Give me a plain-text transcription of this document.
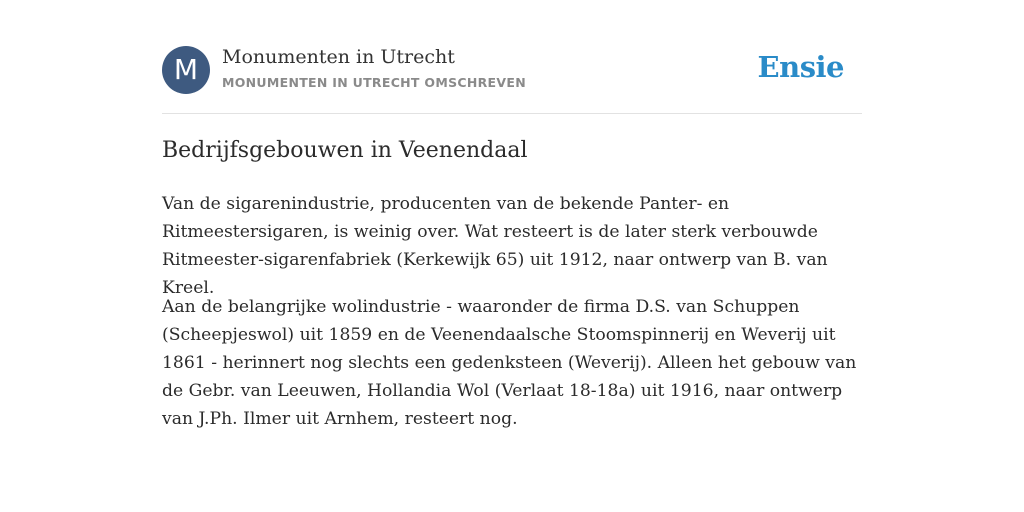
M	Monumenten in Utrecht
MONUMENTEN IN UTRECHT OMSCHREVEN	Ensie
Bedrijfsgebouwen in Veenendaal

Van de sigarenindustrie, producenten van de bekende Panter- en Ritmeestersigaren, is weinig over. Wat resteert is de later sterk verbouwde Ritmeester-sigarenfabriek (Kerkewijk 65) uit 1912, naar ontwerp van B. van Kreel.

Aan de belangrijke wolindustrie - waaronder de firma D.S. van Schuppen (Scheepjeswol) uit 1859 en de Veenendaalsche Stoomspinnerij en Weverij uit 1861 - herinnert nog slechts een gedenksteen (Weverij). Alleen het gebouw van de Gebr. van Leeuwen, Hollandia Wol (Verlaat 18-18a) uit 1916, naar ontwerp van J.Ph. Ilmer uit Arnhem, resteert nog.
